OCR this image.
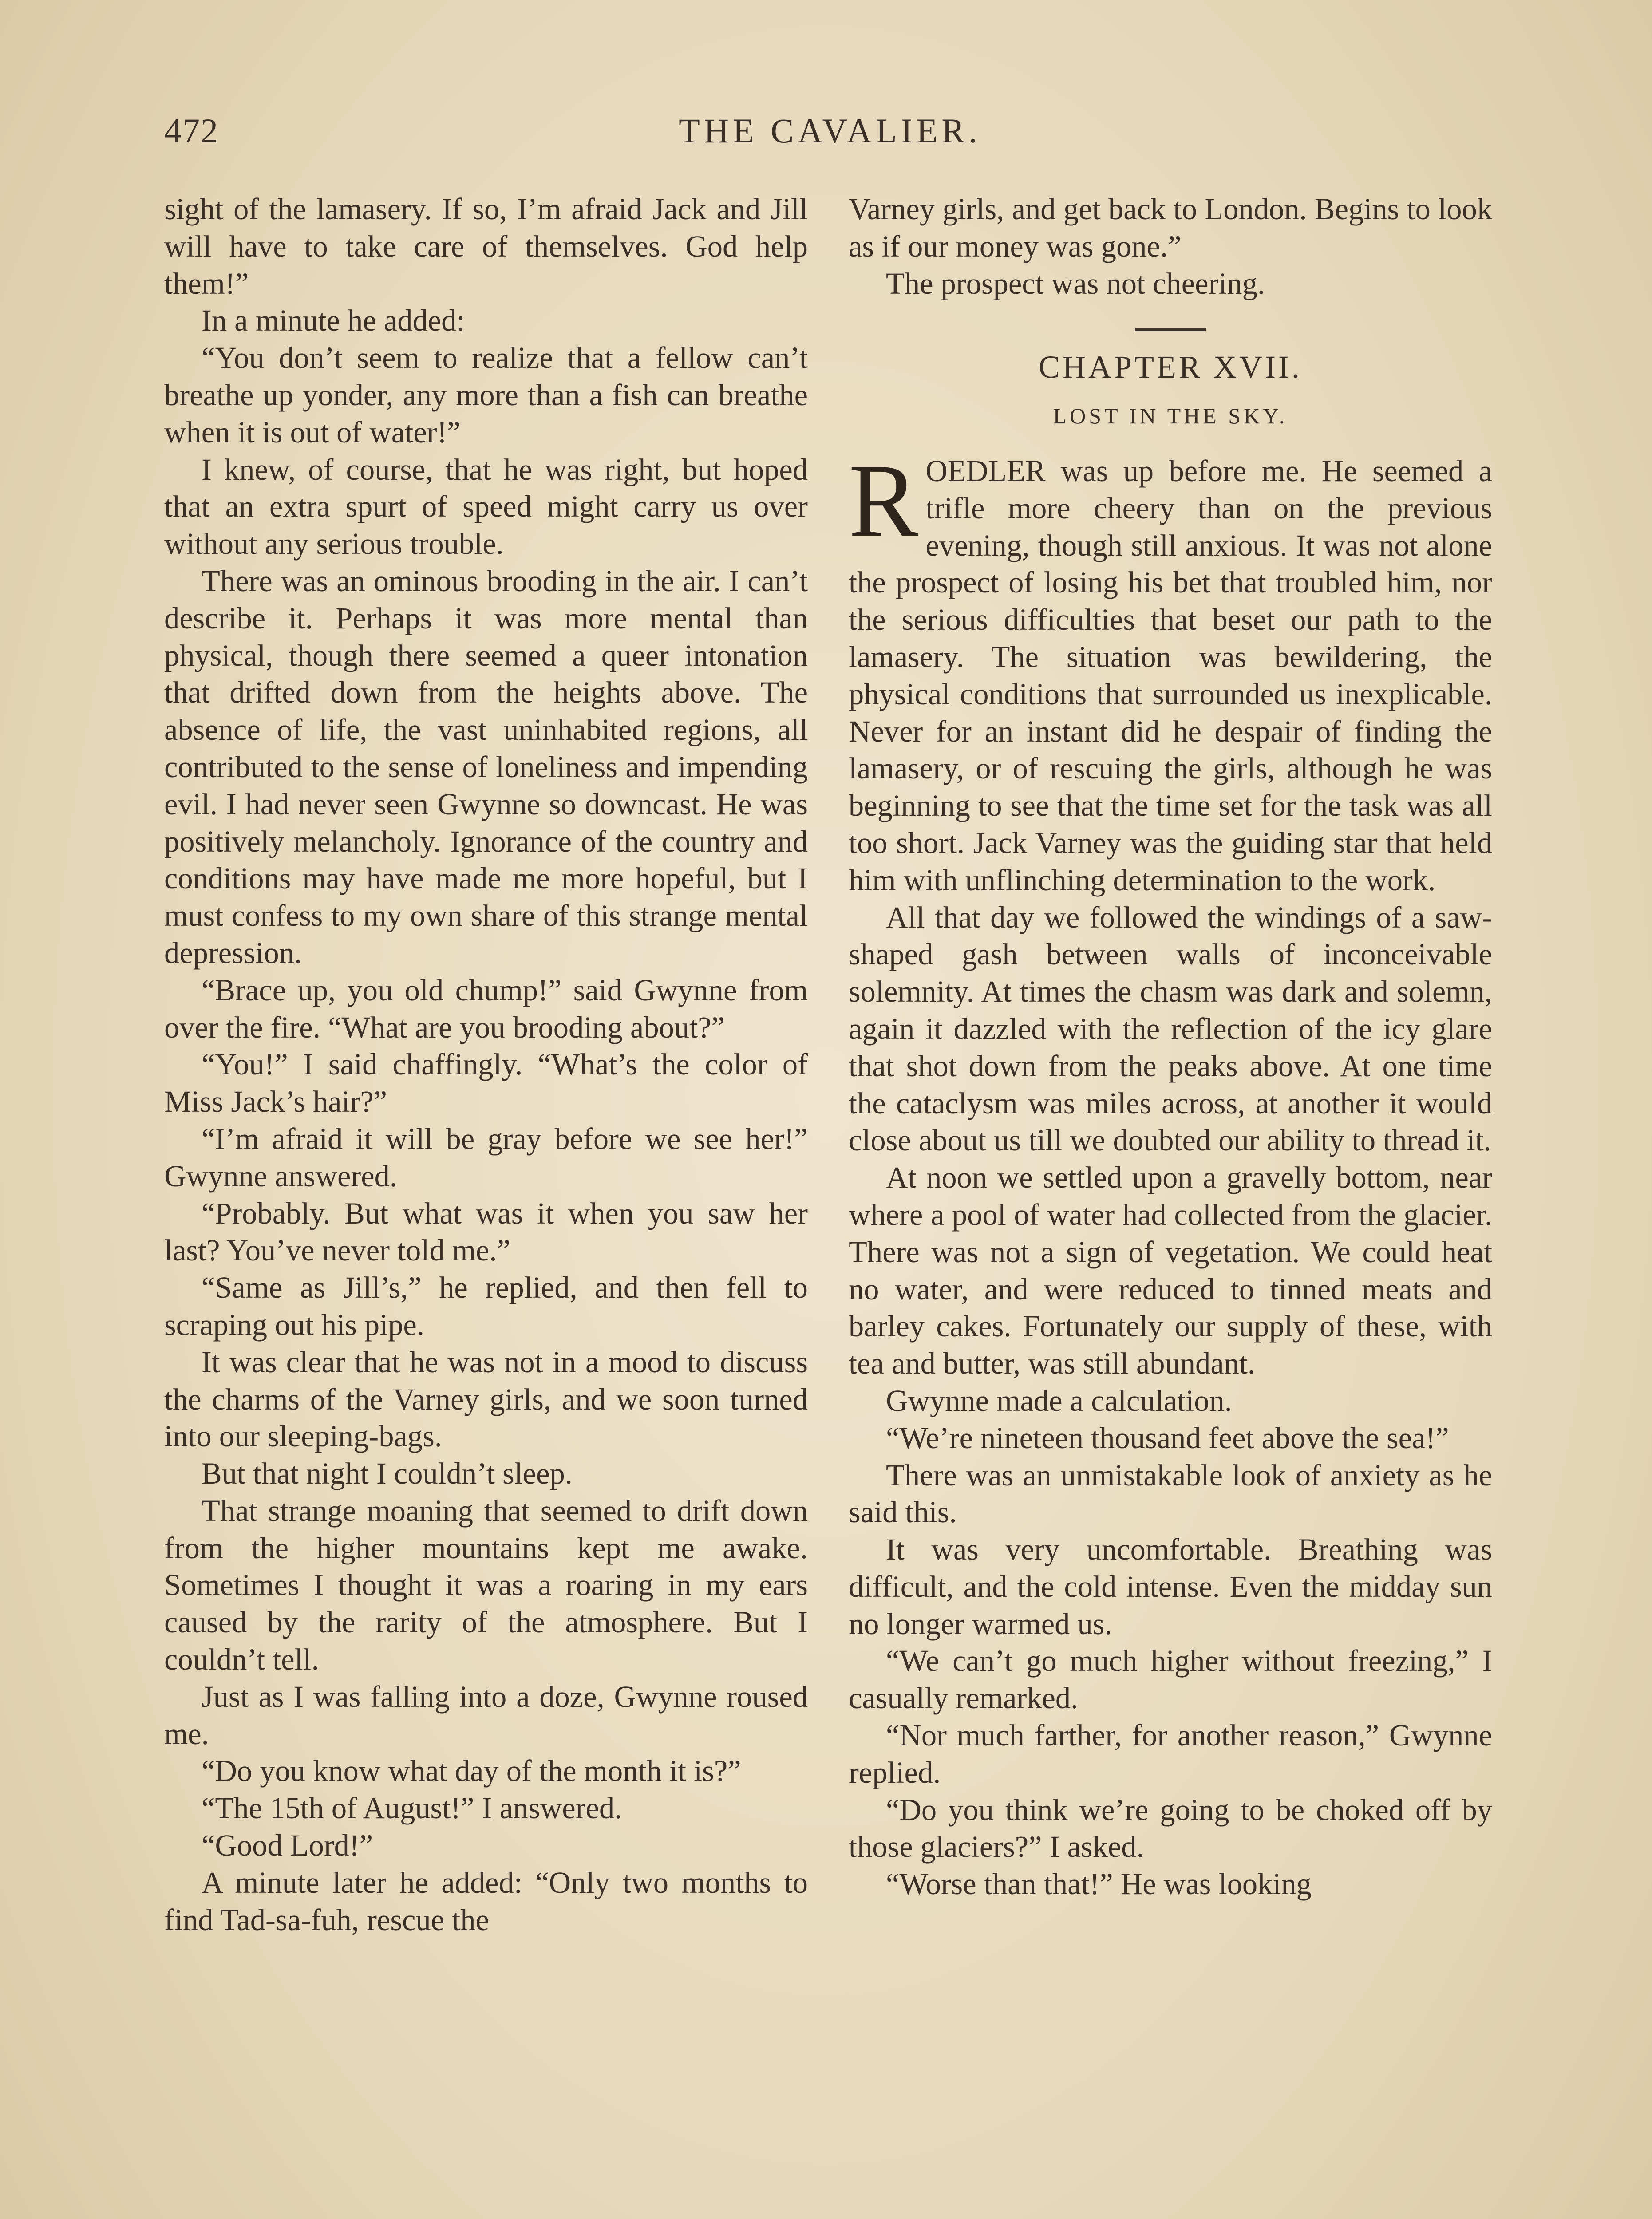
472	THE CAVALIER.

sight of the lamasery. If so, I’m afraid Jack and Jill will have to take care of themselves. God help them!”

In a minute he added:

“You don’t seem to realize that a fellow can’t breathe up yonder, any more than a fish can breathe when it is out of water!”

I knew, of course, that he was right, but hoped that an extra spurt of speed might carry us over without any serious trouble.

There was an ominous brooding in the air. I can’t describe it. Perhaps it was more mental than physical, though there seemed a queer intonation that drifted down from the heights above. The absence of life, the vast uninhabited regions, all contributed to the sense of loneliness and impending evil. I had never seen Gwynne so downcast. He was positively melancholy. Ignorance of the country and conditions may have made me more hopeful, but I must confess to my own share of this strange mental depression.

“Brace up, you old chump!” said Gwynne from over the fire. “What are you brooding about?”

“You!” I said chaffingly. “What’s the color of Miss Jack’s hair?”

“I’m afraid it will be gray before we see her!” Gwynne answered.

“Probably. But what was it when you saw her last? You’ve never told me.”

“Same as Jill’s,” he replied, and then fell to scraping out his pipe.

It was clear that he was not in a mood to discuss the charms of the Varney girls, and we soon turned into our sleeping-bags.

But that night I couldn’t sleep.

That strange moaning that seemed to drift down from the higher mountains kept me awake. Sometimes I thought it was a roaring in my ears caused by the rarity of the atmosphere. But I couldn’t tell.

Just as I was falling into a doze, Gwynne roused me.

“Do you know what day of the month it is?”

“The 15th of August!” I answered.

“Good Lord!”

A minute later he added: “Only two months to find Tad-sa-fuh, rescue the

Varney girls, and get back to London. Begins to look as if our money was gone.”

The prospect was not cheering.

CHAPTER XVII.
LOST IN THE SKY.

ROEDLER was up before me. He seemed a trifle more cheery than on the previous evening, though still anxious. It was not alone the prospect of losing his bet that troubled him, nor the serious difficulties that beset our path to the lamasery. The situation was bewildering, the physical conditions that surrounded us inexplicable. Never for an instant did he despair of finding the lamasery, or of rescuing the girls, although he was beginning to see that the time set for the task was all too short. Jack Varney was the guiding star that held him with unflinching determination to the work.

All that day we followed the windings of a saw-shaped gash between walls of inconceivable solemnity. At times the chasm was dark and solemn, again it dazzled with the reflection of the icy glare that shot down from the peaks above. At one time the cataclysm was miles across, at another it would close about us till we doubted our ability to thread it.

At noon we settled upon a gravelly bottom, near where a pool of water had collected from the glacier. There was not a sign of vegetation. We could heat no water, and were reduced to tinned meats and barley cakes. Fortunately our supply of these, with tea and butter, was still abundant.

Gwynne made a calculation.

“We’re nineteen thousand feet above the sea!”

There was an unmistakable look of anxiety as he said this.

It was very uncomfortable. Breathing was difficult, and the cold intense. Even the midday sun no longer warmed us.

“We can’t go much higher without freezing,” I casually remarked.

“Nor much farther, for another reason,” Gwynne replied.

“Do you think we’re going to be choked off by those glaciers?” I asked.

“Worse than that!” He was looking
